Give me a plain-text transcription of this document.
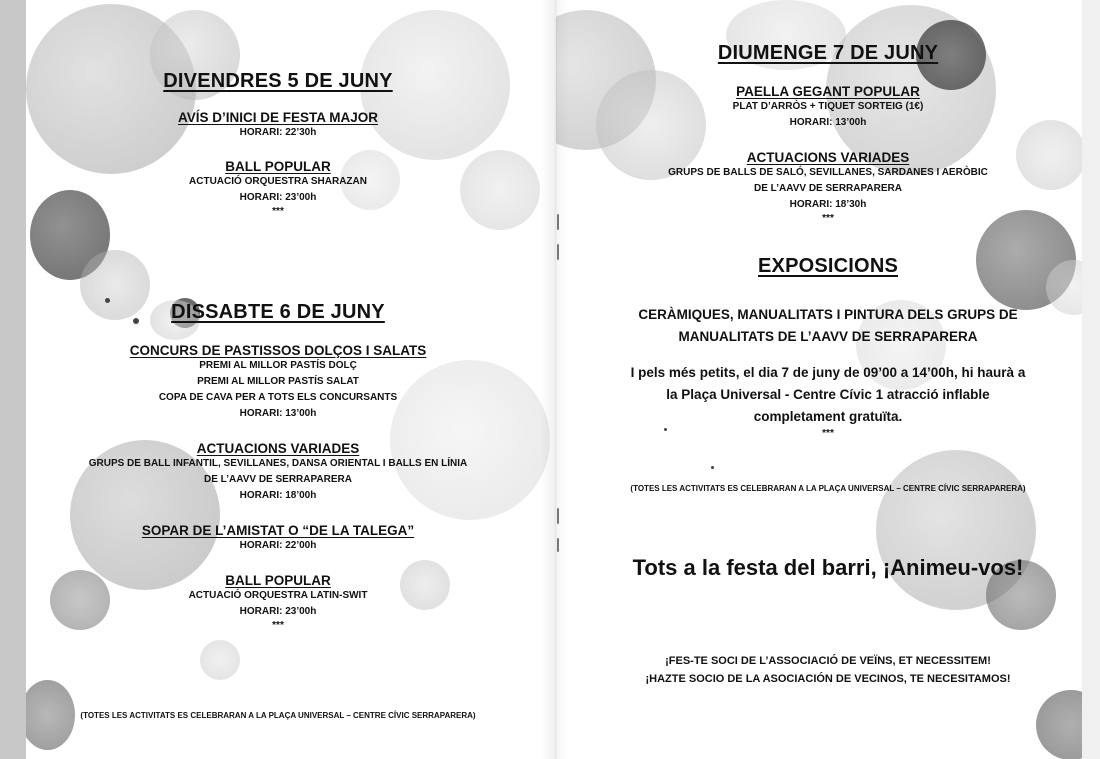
DIVENDRES 5 DE JUNY
AVÍS D’INICI DE FESTA MAJOR
HORARI: 22’30h
BALL POPULAR
ACTUACIÓ ORQUESTRA SHARAZAN
HORARI: 23’00h
***
DISSABTE 6 DE JUNY
CONCURS DE PASTISSOS DOLÇOS I SALATS
PREMI AL MILLOR PASTÍS DOLÇ
PREMI AL MILLOR PASTÍS SALAT
COPA DE CAVA PER A TOTS ELS CONCURSANTS
HORARI: 13’00h
ACTUACIONS VARIADES
GRUPS DE BALL INFANTIL, SEVILLANES, DANSA ORIENTAL I BALLS EN LÍNIA
DE L’AAVV DE SERRAPARERA
HORARI: 18’00h
SOPAR DE L’AMISTAT O “DE LA TALEGA”
HORARI: 22’00h
BALL POPULAR
ACTUACIÓ ORQUESTRA LATIN-SWIT
HORARI: 23’00h
***
(TOTES LES ACTIVITATS ES CELEBRARAN A LA PLAÇA UNIVERSAL – CENTRE CÍVIC SERRAPARERA)
DIUMENGE 7 DE JUNY
PAELLA GEGANT POPULAR
PLAT D’ARRÒS + TIQUET SORTEIG (1€)
HORARI: 13’00h
ACTUACIONS VARIADES
GRUPS DE BALLS DE SALÓ, SEVILLANES, SARDANES I AERÒBIC
DE L’AAVV DE SERRAPARERA
HORARI: 18’30h
***
EXPOSICIONS
CERÀMIQUES, MANUALITATS I PINTURA DELS GRUPS DE
MANUALITATS DE L’AAVV DE SERRAPARERA
I pels més petits, el dia 7 de juny de 09’00 a 14’00h, hi haurà a
la Plaça Universal - Centre Cívic 1 atracció inflable
completament gratuïta.
***
(TOTES LES ACTIVITATS ES CELEBRARAN A LA PLAÇA UNIVERSAL – CENTRE CÍVIC SERRAPARERA)
Tots a la festa del barri, ¡Animeu-vos!
¡FES-TE SOCI DE L’ASSOCIACIÓ DE VEÏNS, ET NECESSITEM!
¡HAZTE SOCIO DE LA ASOCIACIÓN DE VECINOS, TE NECESITAMOS!
